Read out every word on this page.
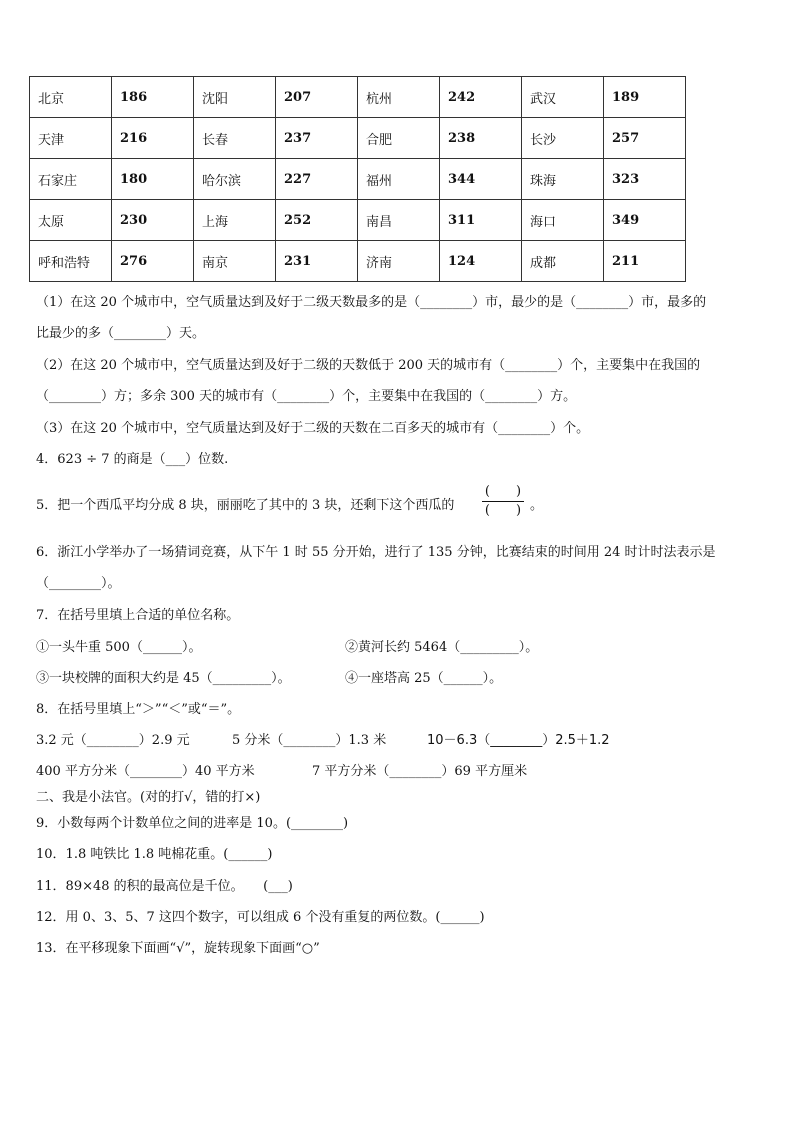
北京	186	沈阳	207	杭州	242	武汉	189
天津	216	长春	237	合肥	238	长沙	257
石家庄	180	哈尔滨	227	福州	344	珠海	323
太原	230	上海	252	南昌	311	海口	349
呼和浩特	276	南京	231	济南	124	成都	211
（1）在这 20 个城市中，空气质量达到及好于二级天数最多的是（________）市，最少的是（________）市，最多的
比最少的多（________）天。
（2）在这 20 个城市中，空气质量达到及好于二级的天数低于 200 天的城市有（________）个，主要集中在我国的
（________）方；多余 300 天的城市有（________）个，主要集中在我国的（________）方。
（3）在这 20 个城市中，空气质量达到及好于二级的天数在二百多天的城市有（________）个。
4．623 ÷ 7 的商是（___）位数.
5．把一个西瓜平均分成 8 块，丽丽吃了其中的 3 块，还剩下这个西瓜的	。
6．浙江小学举办了一场猜词竞赛，从下午 1 时 55 分开始，进行了 135 分钟，比赛结束的时间用 24 时计时法表示是
（________）。
7．在括号里填上合适的单位名称。
①一头牛重 500（______）。	②黄河长约 5464（_________）。
③一块校牌的面积大约是 45（_________）。	④一座塔高 25（______）。
8．在括号里填上“＞”“＜”或“＝”。
3.2 元（________）2.9 元	5 分米（________）1.3 米
400 平方分米（________）40 平方米	7 平方分米（________）69 平方厘米
二、我是小法官。(对的打√，错的打×)
9．小数每两个计数单位之间的进率是 10。(________)
10．1.8 吨铁比 1.8 吨棉花重。(______)
11．89×48 的积的最高位是千位。　　(___)
12．用 0、3、5、7 这四个数字，可以组成 6 个没有重复的两位数。(______)
13．在平移现象下面画“√”，旋转现象下面画“○”
10－6.3（________）2.5＋1.2
(　　)
(　　)
